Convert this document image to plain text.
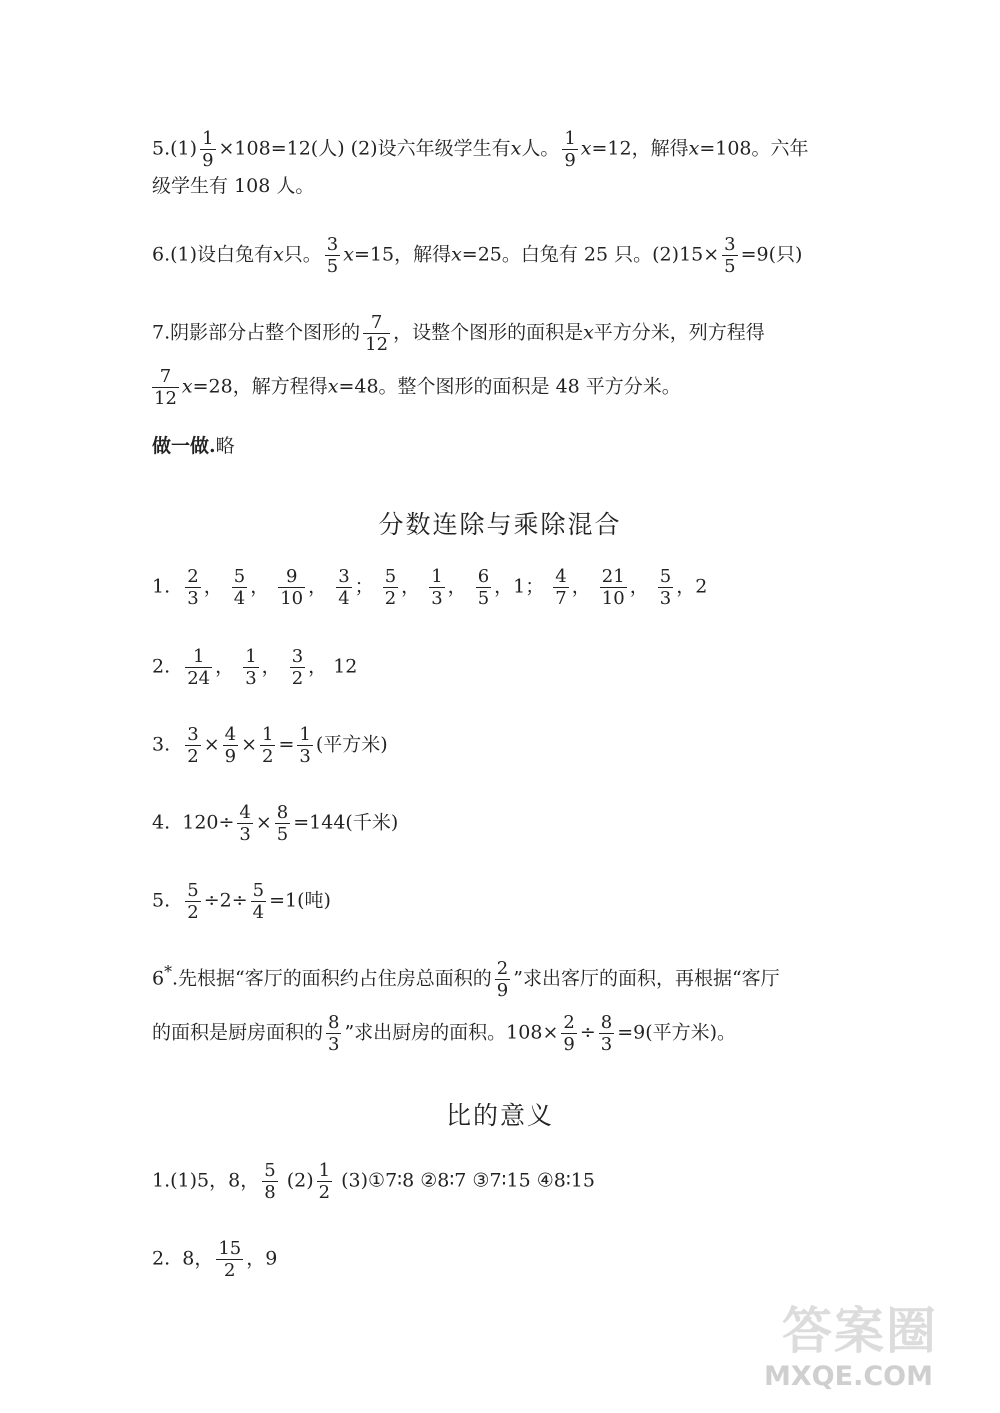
$5.(1) \frac{1}{9} \times 108=12$(人) (2)设六年级学生有x人。 $\frac{1}{9} x=12$，解得x=108。六年
级学生有 108 人。
6.(1)设白兔有x只。 $\frac{3}{5} x=15$，解得x=25。白兔有 25 只。$(2)15\times \frac{3}{5} =9$(只)
7.阴影部分占整个图形的 $\frac{7}{12}$ ，设整个图形的面积是x平方分米，列方程得
$\frac{7}{12} x=28$，解方程得x=48。整个图形的面积是 48 平方分米。
做一做.略
分数连除与乘除混合
1. $\frac{2}{3}$ ， $\frac{5}{4}$ ， $\frac{9}{10}$ ， $\frac{3}{4}$ ； $\frac{5}{2}$ ， $\frac{1}{3}$ ， $\frac{6}{5}$ ，1； $\frac{4}{7}$ ， $\frac{21}{10}$ ， $\frac{5}{3}$ ，2
2. $\frac{1}{24}$ ， $\frac{1}{3}$ ， $\frac{3}{2}$ ， 12
3. $\frac{3}{2} \times \frac{4}{9} \times \frac{1}{2} = \frac{1}{3}$ (平方米)
4. $120\div \frac{4}{3} \times \frac{8}{5} =144$(千米)
5. $\frac{5}{2} \div 2\div \frac{5}{4} =1$(吨)
6*.先根据“客厅的面积约占住房总面积的 $\frac{2}{9}$ ”求出客厅的面积，再根据“客厅
的面积是厨房面积的 $\frac{8}{3}$ ”求出厨房的面积。$108\times \frac{2}{9} \div \frac{8}{3} =9$(平方米)。
比的意义
1.(1)5，8， $\frac{5}{8} (2) \frac{1}{2}$ (3)①7∶8 ②8∶7 ③7∶15 ④8∶15
2. 8， $\frac{15}{2}$ ，9
答案圈
MXQE.COM
